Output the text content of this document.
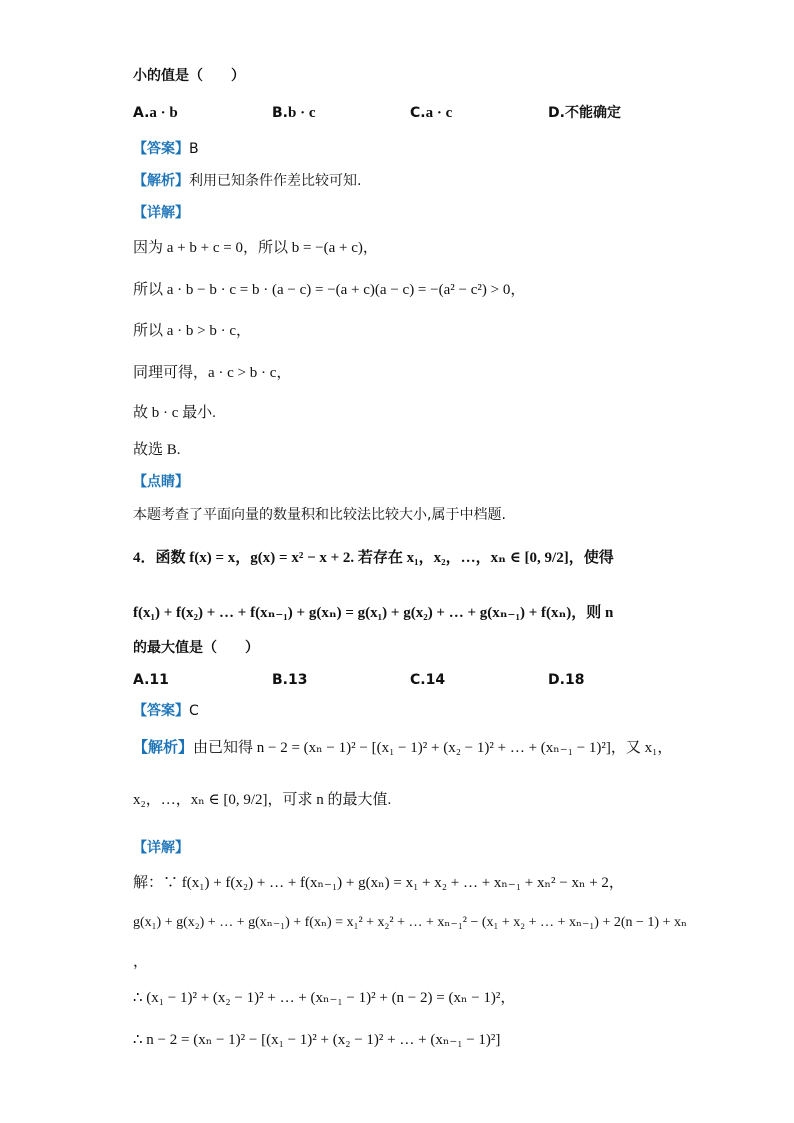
小的值是（　　）
A.a · b	B.b · c	C.a · c	D.不能确定
【答案】B
【解析】利用已知条件作差比较可知.
【详解】
因为 a + b + c = 0，所以 b = −(a + c)，
所以 a · b − b · c = b · (a − c) = −(a + c)(a − c) = −(a² − c²) > 0，
所以 a · b > b · c，
同理可得，a · c > b · c，
故 b · c 最小.
故选 B.
【点睛】
本题考查了平面向量的数量积和比较法比较大小,属于中档题.
4．函数 f(x) = x，g(x) = x² − x + 2. 若存在 x₁，x₂，…，xₙ ∈ [0, 9/2]，使得
f(x₁) + f(x₂) + … + f(xₙ₋₁) + g(xₙ) = g(x₁) + g(x₂) + … + g(xₙ₋₁) + f(xₙ)，则 n
的最大值是（　　）
A.11	B.13	C.14	D.18
【答案】C
【解析】由已知得 n − 2 = (xₙ − 1)² − [(x₁ − 1)² + (x₂ − 1)² + … + (xₙ₋₁ − 1)²]，又 x₁，
x₂，…，xₙ ∈ [0, 9/2]，可求 n 的最大值.
【详解】
解：∵ f(x₁) + f(x₂) + … + f(xₙ₋₁) + g(xₙ) = x₁ + x₂ + … + xₙ₋₁ + xₙ² − xₙ + 2，
g(x₁) + g(x₂) + … + g(xₙ₋₁) + f(xₙ) = x₁² + x₂² + … + xₙ₋₁² − (x₁ + x₂ + … + xₙ₋₁) + 2(n − 1) + xₙ
，
∴ (x₁ − 1)² + (x₂ − 1)² + … + (xₙ₋₁ − 1)² + (n − 2) = (xₙ − 1)²，
∴ n − 2 = (xₙ − 1)² − [(x₁ − 1)² + (x₂ − 1)² + … + (xₙ₋₁ − 1)²]
